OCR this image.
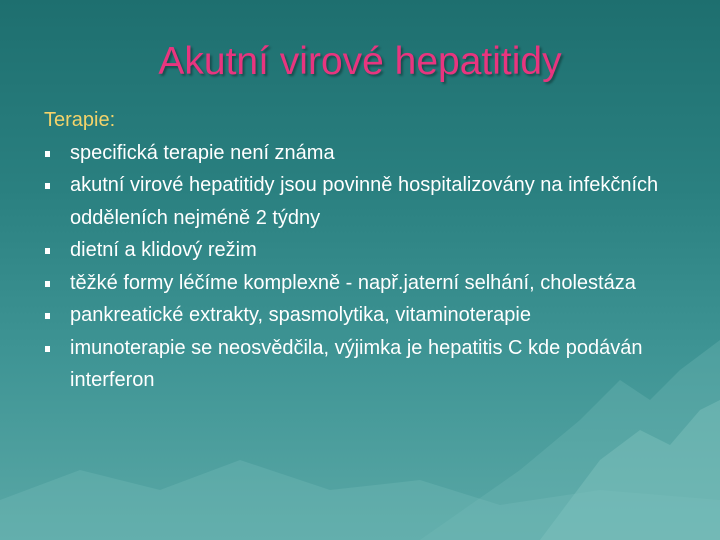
Akutní virové hepatitidy
Terapie:
specifická terapie není známa
akutní virové hepatitidy jsou povinně hospitalizovány na infekčních odděleních nejméně 2 týdny
dietní a klidový režim
těžké formy léčíme komplexně - např.jaterní selhání, cholestáza
pankreatické extrakty, spasmolytika, vitaminoterapie
imunoterapie se neosvědčila, výjimka je hepatitis C kde podáván interferon
